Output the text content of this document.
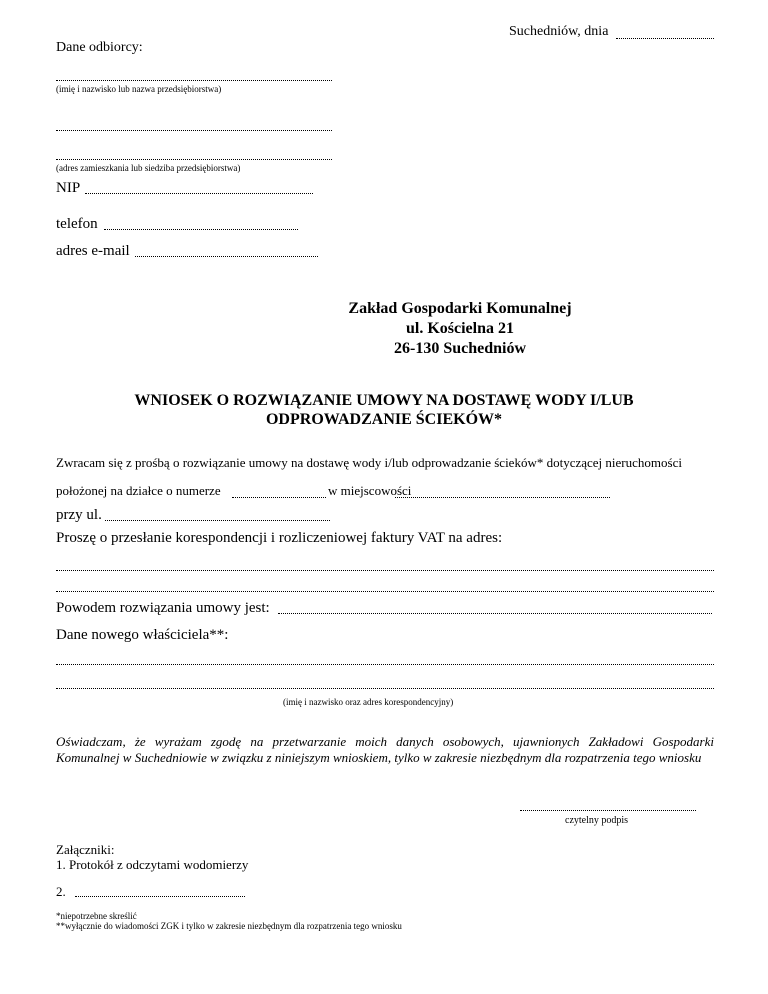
Suchedniów, dnia
Dane odbiorcy:
(imię i nazwisko lub nazwa przedsiębiorstwa)
(adres zamieszkania lub siedziba przedsiębiorstwa)
NIP
telefon
adres e-mail
Zakład Gospodarki Komunalnej
ul. Kościelna 21
26-130 Suchedniów
WNIOSEK O ROZWIĄZANIE UMOWY NA DOSTAWĘ WODY I/LUB
ODPROWADZANIE ŚCIEKÓW*
Zwracam się z prośbą o rozwiązanie umowy na dostawę wody i/lub odprowadzanie ścieków* dotyczącej nieruchomości
położonej na działce o numerze	w miejscowości
przy ul.
Proszę o przesłanie korespondencji i rozliczeniowej faktury VAT na adres:
Powodem rozwiązania umowy jest:
Dane nowego właściciela**:
(imię i nazwisko oraz adres korespondencyjny)
Oświadczam, że wyrażam zgodę na przetwarzanie moich danych osobowych, ujawnionych Zakładowi Gospodarki Komunalnej w Suchedniowie w związku z niniejszym wnioskiem, tylko w zakresie niezbędnym dla rozpatrzenia tego wniosku
czytelny podpis
Załączniki:
1. Protokół z odczytami wodomierzy
2.
*niepotrzebne skreślić
**wyłącznie do wiadomości ZGK i tylko w zakresie niezbędnym dla rozpatrzenia tego wniosku
